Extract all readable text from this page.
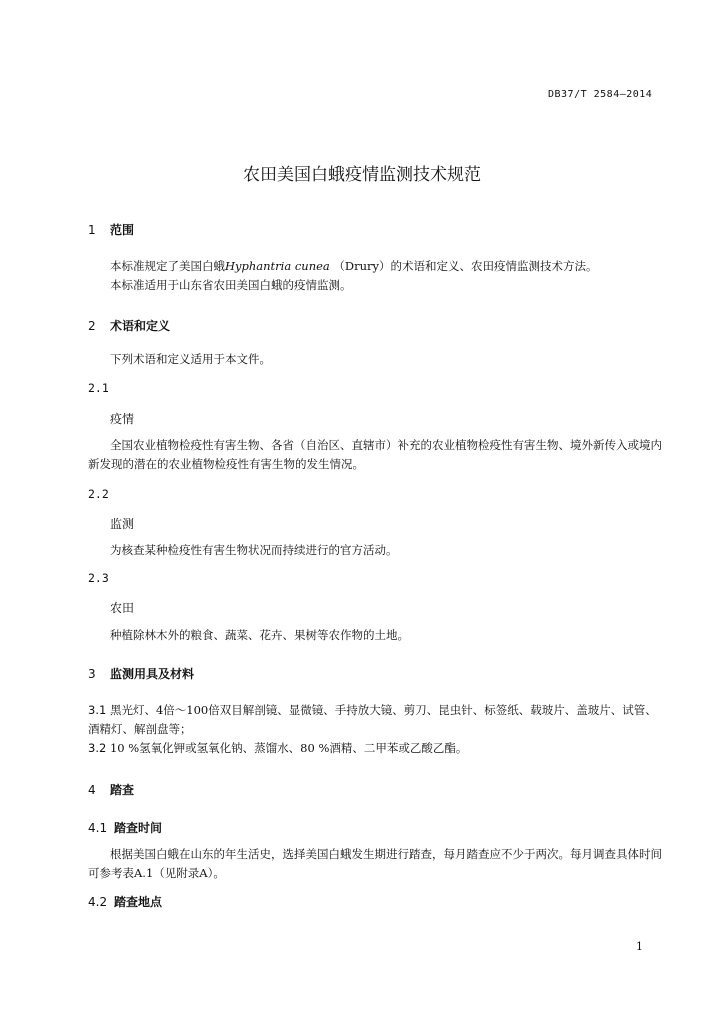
DB37/T 2584—2014
农田美国白蛾疫情监测技术规范
1 范围
本标准规定了美国白蛾Hyphantria cunea （Drury）的术语和定义、农田疫情监测技术方法。
本标准适用于山东省农田美国白蛾的疫情监测。
2 术语和定义
下列术语和定义适用于本文件。
2.1
疫情
全国农业植物检疫性有害生物、各省（自治区、直辖市）补充的农业植物检疫性有害生物、境外新传入或境内新发现的潜在的农业植物检疫性有害生物的发生情况。
2.2
监测
为核查某种检疫性有害生物状况而持续进行的官方活动。
2.3
农田
种植除林木外的粮食、蔬菜、花卉、果树等农作物的土地。
3 监测用具及材料
3.1 黑光灯、4倍～100倍双目解剖镜、显微镜、手持放大镜、剪刀、昆虫针、标签纸、载玻片、盖玻片、试管、酒精灯、解剖盘等；
3.2 10 %氢氧化钾或氢氧化钠、蒸馏水、80 %酒精、二甲苯或乙酸乙酯。
4 踏查
4.1 踏查时间
根据美国白蛾在山东的年生活史，选择美国白蛾发生期进行踏查，每月踏查应不少于两次。每月调查具体时间可参考表A.1（见附录A）。
4.2 踏查地点
1
